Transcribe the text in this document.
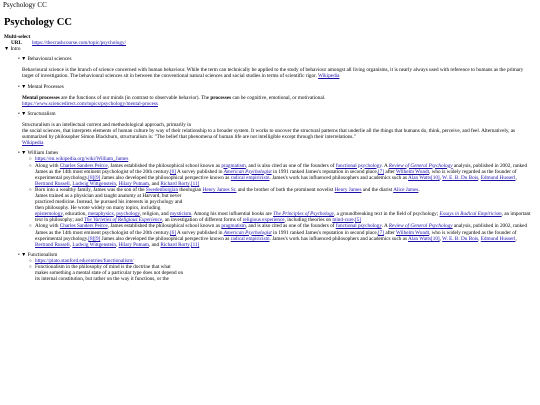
Psychology CC
Psychology CC
Multi-select
URL https://thecrashcourse.com/topic/psychology/
▼ Intro
• ▼ Behavioural sciences

Behavioural science is the branch of science concerned with human behaviour. While the term can technically be applied to the study of behaviour amongst all living organisms, it is nearly always used with reference to humans as the primary target of investigation. The behavioural sciences sit in between the conventional natural sciences and social studies in terms of scientific rigor. Wikipedia

• ▼ Mental Processes

Mental processes are the functions of our minds (in contrast to observable behavior). The processes can be cognitive, emotional, or motivational.
https://www.sciencedirect.com/topics/psychology/mental-process

• ▼ Structuralism

Structuralism is an intellectual current and methodological approach, primarily in
the social sciences, that interprets elements of human culture by way of their relationship to a broader system. It works to uncover the structural patterns that underlie all the things that humans do, think, perceive, and feel. Alternatively, as summarized by philosopher Simon Blackburn, structuralism is: "The belief that phenomena of human life are not intelligible except through their interrelations."
Wikipedia

• ▼ William James
○ https://en.wikipedia.org/wiki/William_James
○ Along with Charles Sanders Peirce, James established the philosophical school known as pragmatism, and is also cited as one of the founders of functional psychology. A Review of General Psychology analysis, published in 2002, ranked James as the 14th most eminent psychologist of the 20th century.[6] A survey published in American Psychologist in 1991 ranked James's reputation in second place,[7] after Wilhelm Wundt, who is widely regarded as the founder of experimental psychology.[8][9] James also developed the philosophical perspective known as radical empiricism. James's work has influenced philosophers and academics such as Alan Watts[10], W. E. B. Du Bois, Edmund Husserl, Bertrand Russell, Ludwig Wittgenstein, Hilary Putnam, and Richard Rorty.[11]
○ Born into a wealthy family, James was the son of the Swedenborgian theologian Henry James Sr. and the brother of both the prominent novelist Henry James and the diarist Alice James.
James trained as a physician and taught anatomy at Harvard, but never
practiced medicine. Instead, he pursued his interests in psychology and
then philosophy. He wrote widely on many topics, including
epistemology, education, metaphysics, psychology, religion, and mysticism. Among his most influential books are The Principles of Psychology, a groundbreaking text in the field of psychology; Essays in Radical Empiricism, an important text in philosophy; and The Varieties of Religious Experience, an investigation of different forms of religious experience, including theories on mind-cure.[5]
○ Along with Charles Sanders Peirce, James established the philosophical school known as pragmatism, and is also cited as one of the founders of functional psychology. A Review of General Psychology analysis, published in 2002, ranked James as the 14th most eminent psychologist of the 20th century.[6] A survey published in American Psychologist in 1991 ranked James's reputation in second place,[7] after Wilhelm Wundt, who is widely regarded as the founder of experimental psychology.[8][9] James also developed the philosophical perspective known as radical empiricism. James's work has influenced philosophers and academics such as Alan Watts[10], W. E. B. Du Bois, Edmund Husserl, Bertrand Russell, Ludwig Wittgenstein, Hilary Putnam, and Richard Rorty.[11]
• ▼ Functionalism
○ https://plato.stanford.edu/entries/functionalism/
○ Functionalism in the philosophy of mind is the doctrine that what
makes something a mental state of a particular type does not depend on
its internal constitution, but rather on the way it functions, or the
